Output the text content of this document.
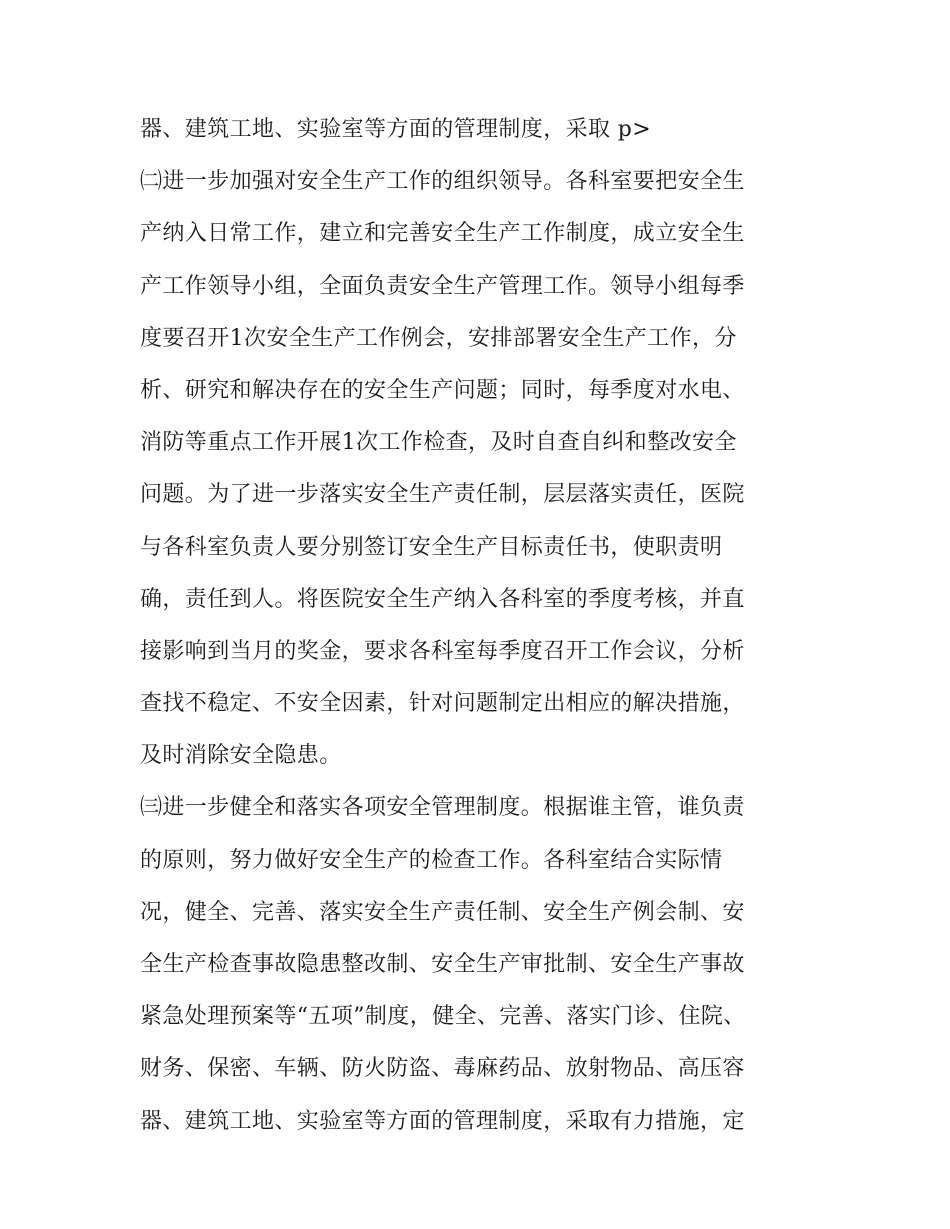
器、建筑工地、实验室等方面的管理制度，采取 p>
㈡进一步加强对安全生产工作的组织领导。各科室要把安全生
产纳入日常工作，建立和完善安全生产工作制度，成立安全生
产工作领导小组，全面负责安全生产管理工作。领导小组每季
度要召开1次安全生产工作例会，安排部署安全生产工作，分
析、研究和解决存在的安全生产问题；同时，每季度对水电、
消防等重点工作开展1次工作检查，及时自查自纠和整改安全
问题。为了进一步落实安全生产责任制，层层落实责任，医院
与各科室负责人要分别签订安全生产目标责任书，使职责明
确，责任到人。将医院安全生产纳入各科室的季度考核，并直
接影响到当月的奖金，要求各科室每季度召开工作会议，分析
查找不稳定、不安全因素，针对问题制定出相应的解决措施，
及时消除安全隐患。
㈢进一步健全和落实各项安全管理制度。根据谁主管，谁负责
的原则，努力做好安全生产的检查工作。各科室结合实际情
况，健全、完善、落实安全生产责任制、安全生产例会制、安
全生产检查事故隐患整改制、安全生产审批制、安全生产事故
紧急处理预案等“五项”制度，健全、完善、落实门诊、住院、
财务、保密、车辆、防火防盗、毒麻药品、放射物品、高压容
器、建筑工地、实验室等方面的管理制度，采取有力措施，定
